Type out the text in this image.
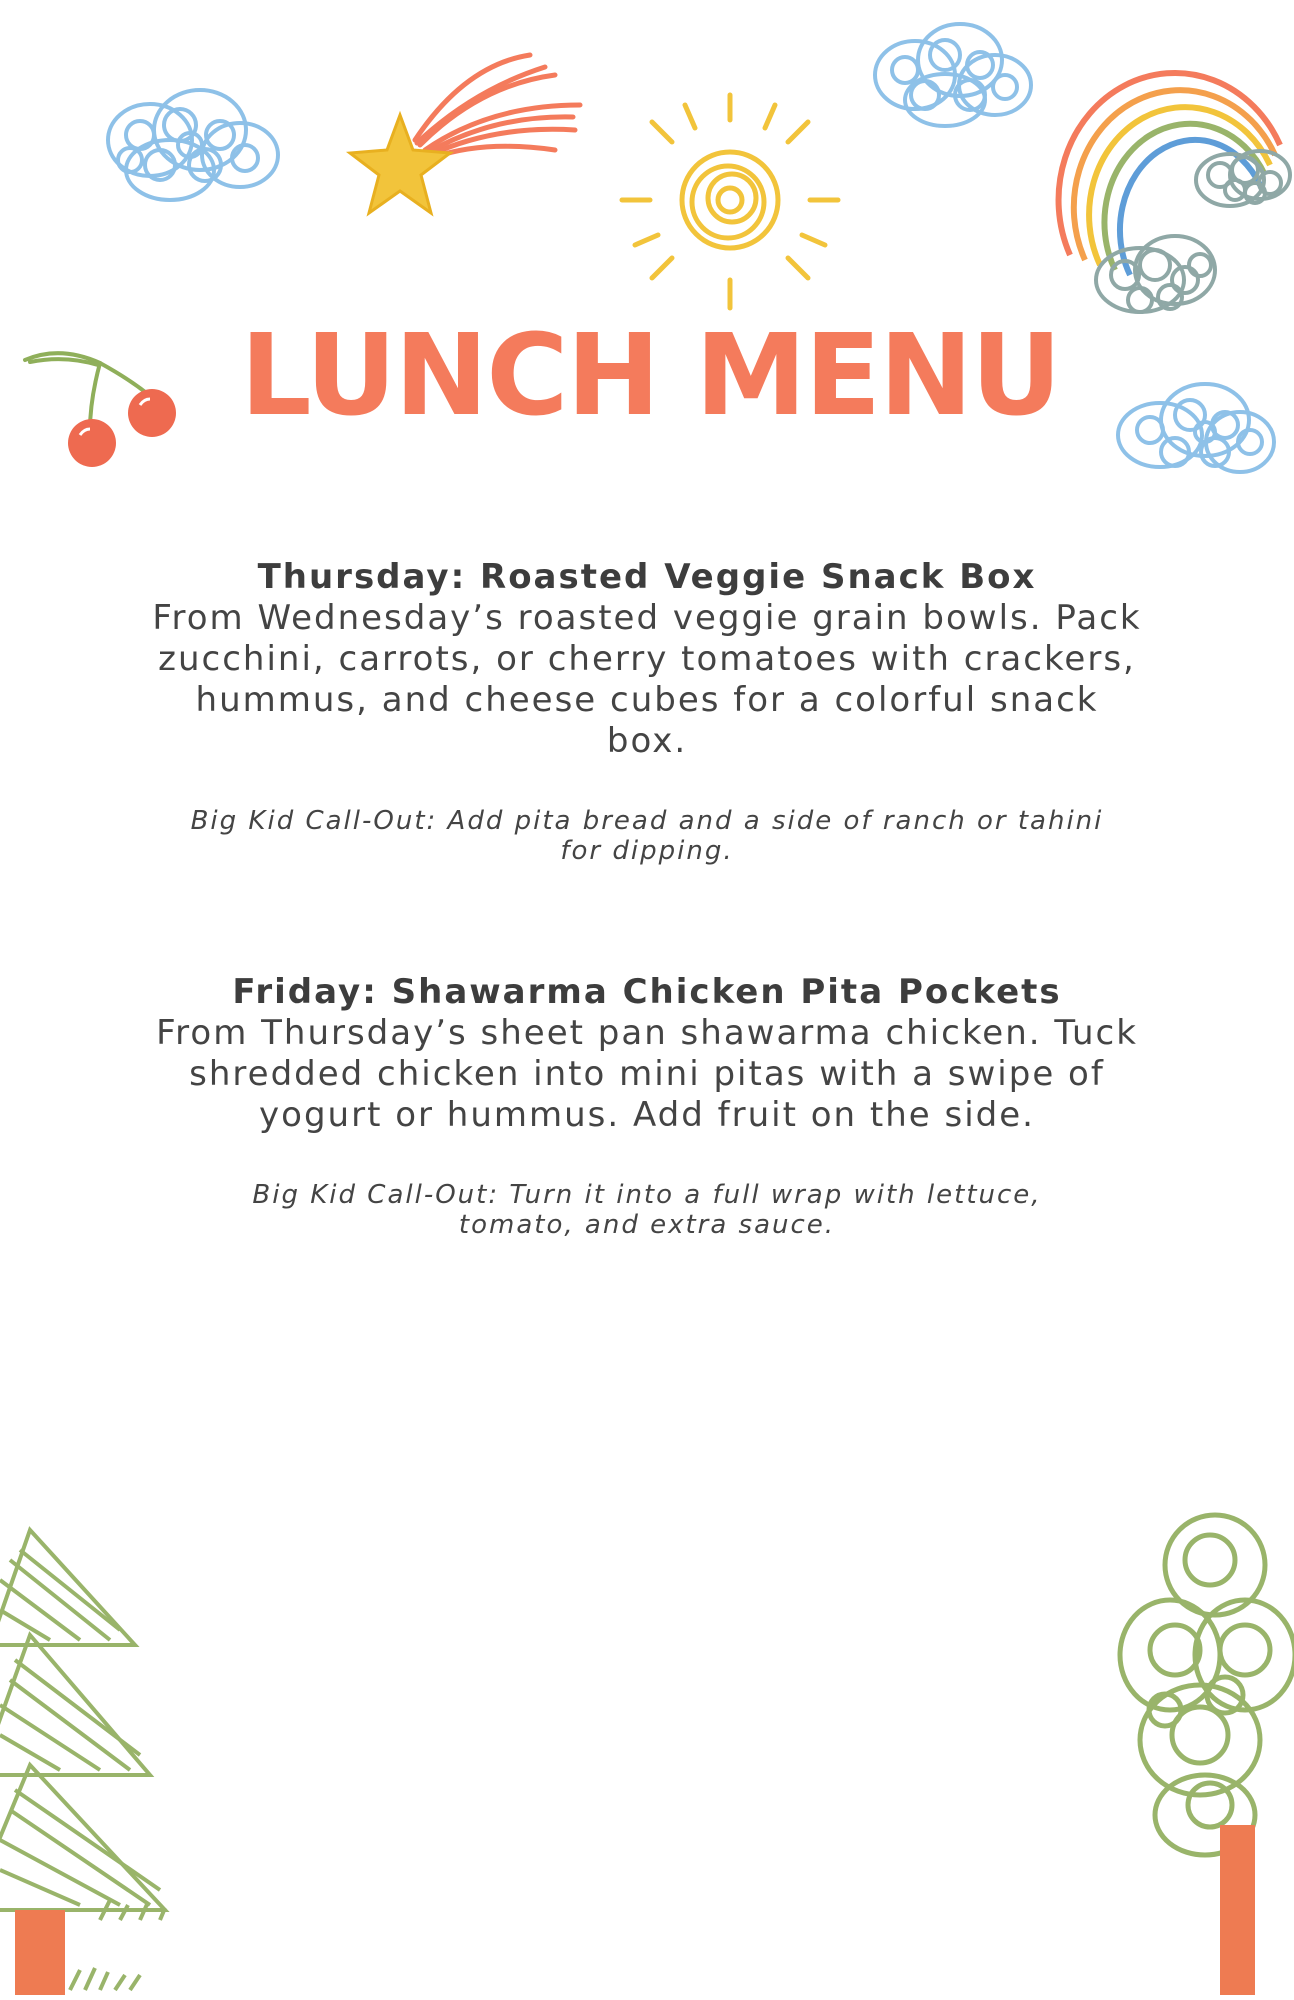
LUNCH MENU
Thursday: Roasted Veggie Snack Box
From Wednesday’s roasted veggie grain bowls. Pack zucchini, carrots, or cherry tomatoes with crackers, hummus, and cheese cubes for a colorful snack box.
Big Kid Call-Out: Add pita bread and a side of ranch or tahini for dipping.
Friday: Shawarma Chicken Pita Pockets
From Thursday’s sheet pan shawarma chicken. Tuck shredded chicken into mini pitas with a swipe of yogurt or hummus. Add fruit on the side.
Big Kid Call-Out: Turn it into a full wrap with lettuce, tomato, and extra sauce.
